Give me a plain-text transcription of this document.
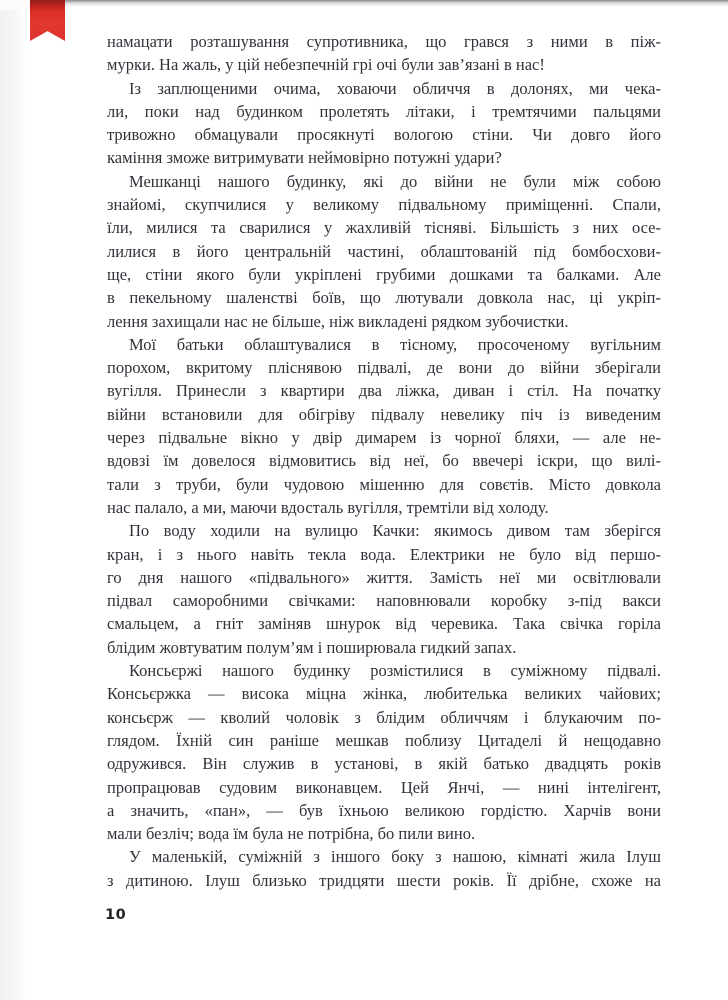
намацати розташування супротивника, що грався з ними в піж-
мурки. На жаль, у цій небезпечній грі очі були зав’язані в нас!
Із заплющеними очима, ховаючи обличчя в долонях, ми чека-
ли, поки над будинком пролетять літаки, і тремтячими пальцями
тривожно обмацували просякнуті вологою стіни. Чи довго його
каміння зможе витримувати неймовірно потужні удари?
Мешканці нашого будинку, які до війни не були між собою
знайомі, скупчилися у великому підвальному приміщенні. Спали,
їли, милися та сварилися у жахливій тісняві. Більшість з них осе-
лилися в його центральній частині, облаштованій під бомбосхови-
ще, стіни якого були укріплені грубими дошками та балками. Але
в пекельному шаленстві боїв, що лютували довкола нас, ці укріп-
лення захищали нас не більше, ніж викладені рядком зубочистки.
Мої батьки облаштувалися в тісному, просоченому вугільним
порохом, вкритому пліснявою підвалі, де вони до війни зберігали
вугілля. Принесли з квартири два ліжка, диван і стіл. На початку
війни встановили для обігріву підвалу невелику піч із виведеним
через підвальне вікно у двір димарем із чорної бляхи, — але не-
вдовзі їм довелося відмовитись від неї, бо ввечері іскри, що вилі-
тали з труби, були чудовою мішенню для совєтів. Місто довкола
нас палало, а ми, маючи вдосталь вугілля, тремтіли від холоду.
По воду ходили на вулицю Качки: якимось дивом там зберігся
кран, і з нього навіть текла вода. Електрики не було від першо-
го дня нашого «підвального» життя. Замість неї ми освітлювали
підвал саморобними свічками: наповнювали коробку з-під вакси
смальцем, а гніт заміняв шнурок від черевика. Така свічка горіла
блідим жовтуватим полум’ям і поширювала гидкий запах.
Консьєржі нашого будинку розмістилися в суміжному підвалі.
Консьєржка — висока міцна жінка, любителька великих чайових;
консьєрж — кволий чоловік з блідим обличчям і блукаючим по-
глядом. Їхній син раніше мешкав поблизу Цитаделі й нещодавно
одружився. Він служив в установі, в якій батько двадцять років
пропрацював судовим виконавцем. Цей Янчі, — нині інтелігент,
а значить, «пан», — був їхньою великою гордістю. Харчів вони
мали безліч; вода їм була не потрібна, бо пили вино.
У маленькій, суміжній з іншого боку з нашою, кімнаті жила Ілуш
з дитиною. Ілуш близько тридцяти шести років. Її дрібне, схоже на
10
